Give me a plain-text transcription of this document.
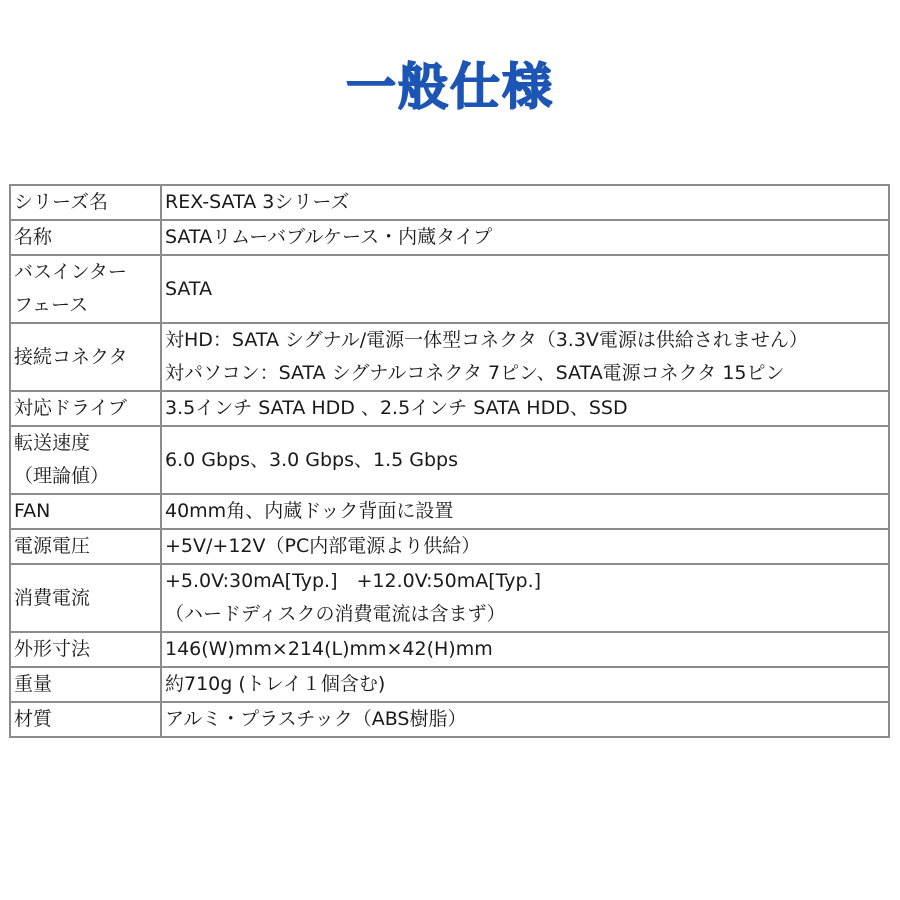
一般仕様
シリーズ名	REX-SATA 3シリーズ

名称	SATAリムーバブルケース・内蔵タイプ

バスインター
フェース	SATA

接続コネクタ	対HD：SATA シグナル/電源一体型コネクタ（3.3V電源は供給されません）
対パソコン：SATA シグナルコネクタ 7ピン、SATA電源コネクタ 15ピン

対応ドライブ	3.5インチ SATA HDD 、2.5インチ SATA HDD、SSD

転送速度
（理論値）	6.0 Gbps、3.0 Gbps、1.5 Gbps

FAN	40mm角、内蔵ドック背面に設置

電源電圧	+5V/+12V（PC内部電源より供給）

消費電流	+5.0V:30mA[Typ.]　+12.0V:50mA[Typ.]
（ハードディスクの消費電流は含まず）

外形寸法	146(W)mm×214(L)mm×42(H)mm

重量	約710g (トレイ１個含む)

材質	アルミ・プラスチック（ABS樹脂）
